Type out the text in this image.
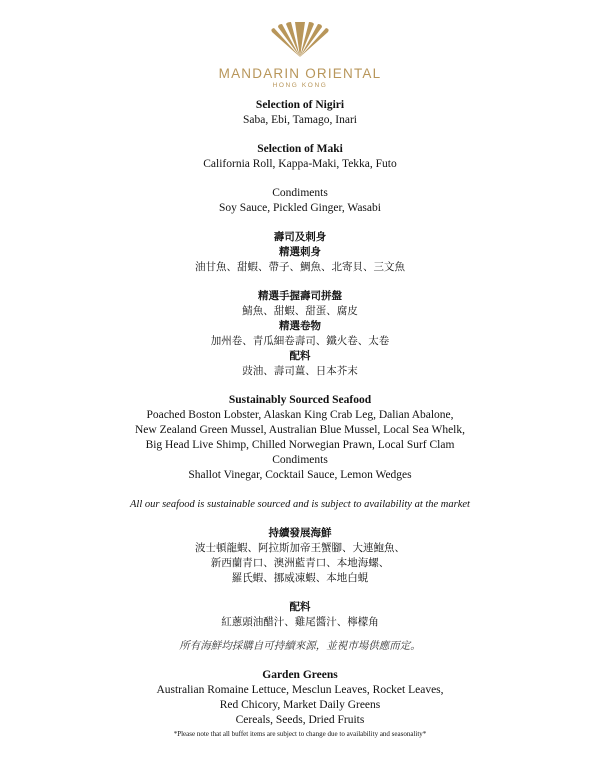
MANDARIN ORIENTAL
HONG KONG
Selection of Nigiri
Saba, Ebi, Tamago, Inari
Selection of Maki
California Roll, Kappa-Maki, Tekka, Futo
Condiments
Soy Sauce, Pickled Ginger, Wasabi
壽司及刺身
精選刺身
油甘魚、甜蝦、帶子、鯛魚、北寄貝、三文魚
精選手握壽司拼盤
鯖魚、甜蝦、甜蛋、腐皮
精選卷物
加州卷、青瓜細卷壽司、鐵火卷、太卷
配料
豉油、壽司薑、日本芥末
Sustainably Sourced Seafood
Poached Boston Lobster, Alaskan King Crab Leg, Dalian Abalone,
New Zealand Green Mussel, Australian Blue Mussel, Local Sea Whelk,
Big Head Live Shimp, Chilled Norwegian Prawn, Local Surf Clam
Condiments
Shallot Vinegar, Cocktail Sauce, Lemon Wedges
All our seafood is sustainable sourced and is subject to availability at the market
持續發展海鮮
波士頓龍蝦、阿拉斯加帝王蟹腳、大連鮑魚、
新西蘭青口、澳洲藍青口、本地海螺、
羅氏蝦、挪威凍蝦、本地白蜆
配料
紅蔥頭油醋汁、雞尾醬汁、檸檬角
所有海鮮均採購自可持續來源，並視市場供應而定。
Garden Greens
Australian Romaine Lettuce, Mesclun Leaves, Rocket Leaves,
Red Chicory, Market Daily Greens
Cereals, Seeds, Dried Fruits
*Please note that all buffet items are subject to change due to availability and seasonality*
